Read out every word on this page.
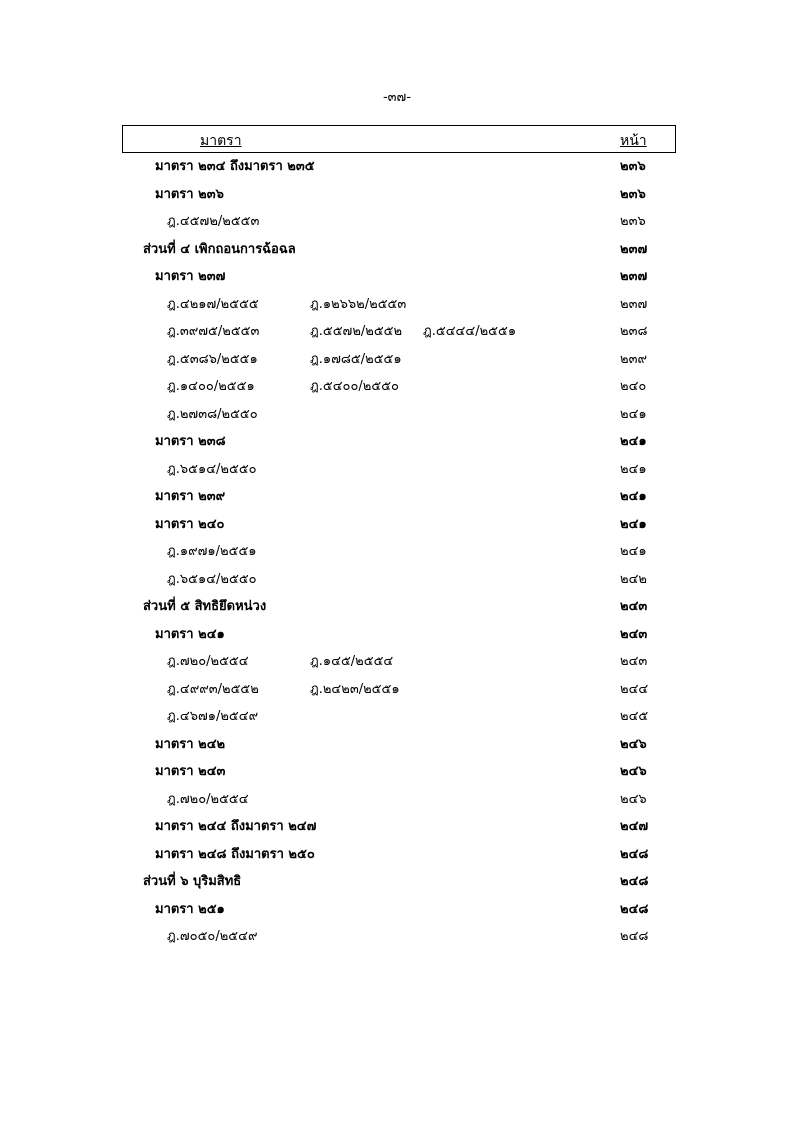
-๓๗-
มาตรา	หน้า
มาตรา ๒๓๔ ถึงมาตรา ๒๓๕	๒๓๖
มาตรา ๒๓๖	๒๓๖
ฎ.๔๕๗๒/๒๕๕๓	๒๓๖
ส่วนที่ ๔ เพิกถอนการฉ้อฉล	๒๓๗
มาตรา ๒๓๗	๒๓๗
ฎ.๔๒๑๗/๒๕๕๕	ฎ.๑๒๖๖๒/๒๕๕๓	๒๓๗
ฎ.๓๙๗๕/๒๕๕๓	ฎ.๕๕๗๒/๒๕๕๒ ฎ.๕๔๔๔/๒๕๕๑	๒๓๘
ฎ.๕๓๘๖/๒๕๕๑	ฎ.๑๗๘๕/๒๕๕๑	๒๓๙
ฎ.๑๔๐๐/๒๕๕๑	ฎ.๕๔๐๐/๒๕๕๐	๒๔๐
ฎ.๒๗๓๘/๒๕๕๐	๒๔๑
มาตรา ๒๓๘	๒๔๑
ฎ.๖๕๑๔/๒๕๕๐	๒๔๑
มาตรา ๒๓๙	๒๔๑
มาตรา ๒๔๐	๒๔๑
ฎ.๑๙๗๑/๒๕๕๑	๒๔๑
ฎ.๖๕๑๔/๒๕๕๐	๒๔๒
ส่วนที่ ๕ สิทธิยึดหน่วง	๒๔๓
มาตรา ๒๔๑	๒๔๓
ฎ.๗๒๐/๒๕๕๔	ฎ.๑๔๕/๒๕๕๔	๒๔๓
ฎ.๔๙๙๓/๒๕๕๒	ฎ.๒๔๒๓/๒๕๕๑	๒๔๔
ฎ.๔๖๗๑/๒๕๔๙	๒๔๕
มาตรา ๒๔๒	๒๔๖
มาตรา ๒๔๓	๒๔๖
ฎ.๗๒๐/๒๕๕๔	๒๔๖
มาตรา ๒๔๔ ถึงมาตรา ๒๔๗	๒๔๗
มาตรา ๒๔๘ ถึงมาตรา ๒๕๐	๒๔๘
ส่วนที่ ๖ บุริมสิทธิ	๒๔๘
มาตรา ๒๕๑	๒๔๘
ฎ.๗๐๕๐/๒๕๔๙	๒๔๘
